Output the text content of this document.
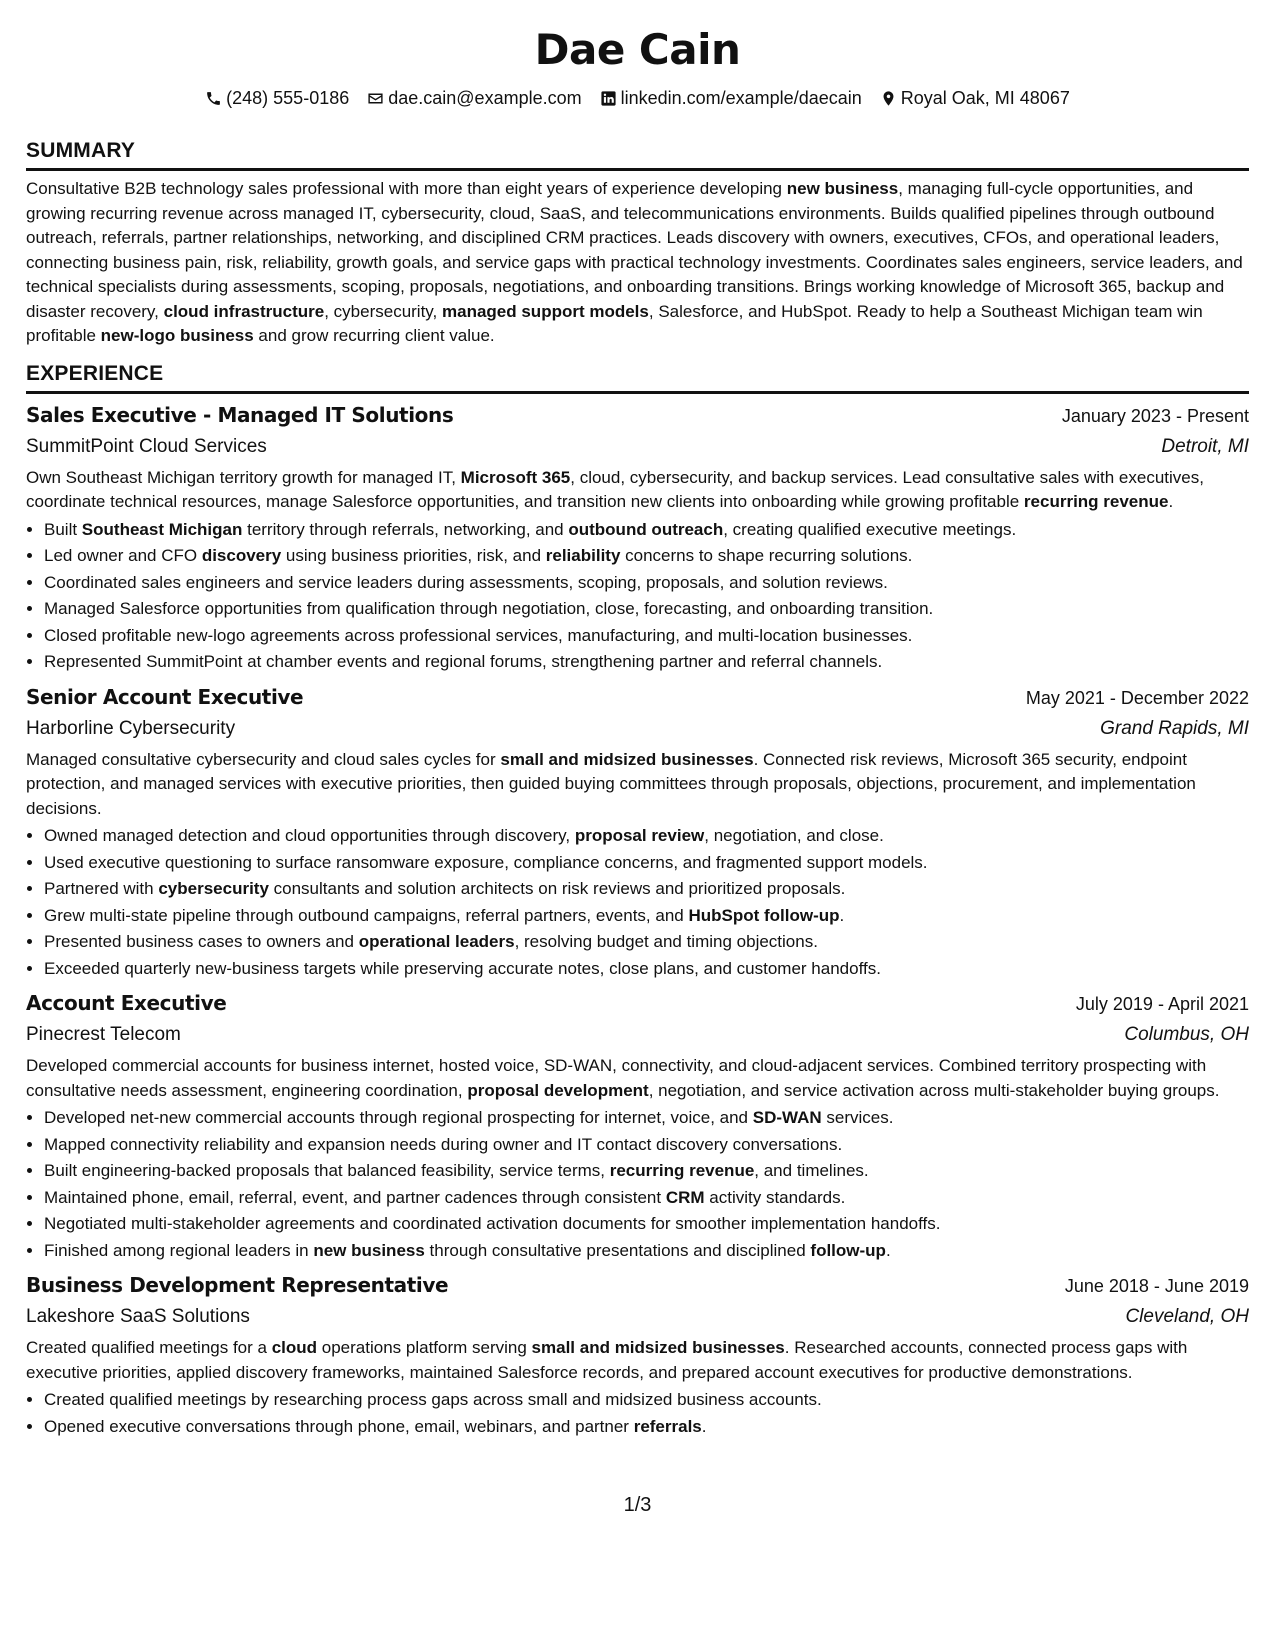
Dae Cain
(248) 555-0186 dae.cain@example.com linkedin.com/example/daecain Royal Oak, MI 48067
SUMMARY
Consultative B2B technology sales professional with more than eight years of experience developing new business, managing full-cycle opportunities, and growing recurring revenue across managed IT, cybersecurity, cloud, SaaS, and telecommunications environments. Builds qualified pipelines through outbound outreach, referrals, partner relationships, networking, and disciplined CRM practices. Leads discovery with owners, executives, CFOs, and operational leaders, connecting business pain, risk, reliability, growth goals, and service gaps with practical technology investments. Coordinates sales engineers, service leaders, and technical specialists during assessments, scoping, proposals, negotiations, and onboarding transitions. Brings working knowledge of Microsoft 365, backup and disaster recovery, cloud infrastructure, cybersecurity, managed support models, Salesforce, and HubSpot. Ready to help a Southeast Michigan team win profitable new-logo business and grow recurring client value.
EXPERIENCE
Sales Executive - Managed IT Solutions	January 2023 - Present
SummitPoint Cloud Services	Detroit, MI
Own Southeast Michigan territory growth for managed IT, Microsoft 365, cloud, cybersecurity, and backup services. Lead consultative sales with executives, coordinate technical resources, manage Salesforce opportunities, and transition new clients into onboarding while growing profitable recurring revenue.
• Built Southeast Michigan territory through referrals, networking, and outbound outreach, creating qualified executive meetings.
• Led owner and CFO discovery using business priorities, risk, and reliability concerns to shape recurring solutions.
• Coordinated sales engineers and service leaders during assessments, scoping, proposals, and solution reviews.
• Managed Salesforce opportunities from qualification through negotiation, close, forecasting, and onboarding transition.
• Closed profitable new-logo agreements across professional services, manufacturing, and multi-location businesses.
• Represented SummitPoint at chamber events and regional forums, strengthening partner and referral channels.
Senior Account Executive	May 2021 - December 2022
Harborline Cybersecurity	Grand Rapids, MI
Managed consultative cybersecurity and cloud sales cycles for small and midsized businesses. Connected risk reviews, Microsoft 365 security, endpoint protection, and managed services with executive priorities, then guided buying committees through proposals, objections, procurement, and implementation decisions.
• Owned managed detection and cloud opportunities through discovery, proposal review, negotiation, and close.
• Used executive questioning to surface ransomware exposure, compliance concerns, and fragmented support models.
• Partnered with cybersecurity consultants and solution architects on risk reviews and prioritized proposals.
• Grew multi-state pipeline through outbound campaigns, referral partners, events, and HubSpot follow-up.
• Presented business cases to owners and operational leaders, resolving budget and timing objections.
• Exceeded quarterly new-business targets while preserving accurate notes, close plans, and customer handoffs.
Account Executive	July 2019 - April 2021
Pinecrest Telecom	Columbus, OH
Developed commercial accounts for business internet, hosted voice, SD-WAN, connectivity, and cloud-adjacent services. Combined territory prospecting with consultative needs assessment, engineering coordination, proposal development, negotiation, and service activation across multi-stakeholder buying groups.
• Developed net-new commercial accounts through regional prospecting for internet, voice, and SD-WAN services.
• Mapped connectivity reliability and expansion needs during owner and IT contact discovery conversations.
• Built engineering-backed proposals that balanced feasibility, service terms, recurring revenue, and timelines.
• Maintained phone, email, referral, event, and partner cadences through consistent CRM activity standards.
• Negotiated multi-stakeholder agreements and coordinated activation documents for smoother implementation handoffs.
• Finished among regional leaders in new business through consultative presentations and disciplined follow-up.
Business Development Representative	June 2018 - June 2019
Lakeshore SaaS Solutions	Cleveland, OH
Created qualified meetings for a cloud operations platform serving small and midsized businesses. Researched accounts, connected process gaps with executive priorities, applied discovery frameworks, maintained Salesforce records, and prepared account executives for productive demonstrations.
• Created qualified meetings by researching process gaps across small and midsized business accounts.
• Opened executive conversations through phone, email, webinars, and partner referrals.
1/3
